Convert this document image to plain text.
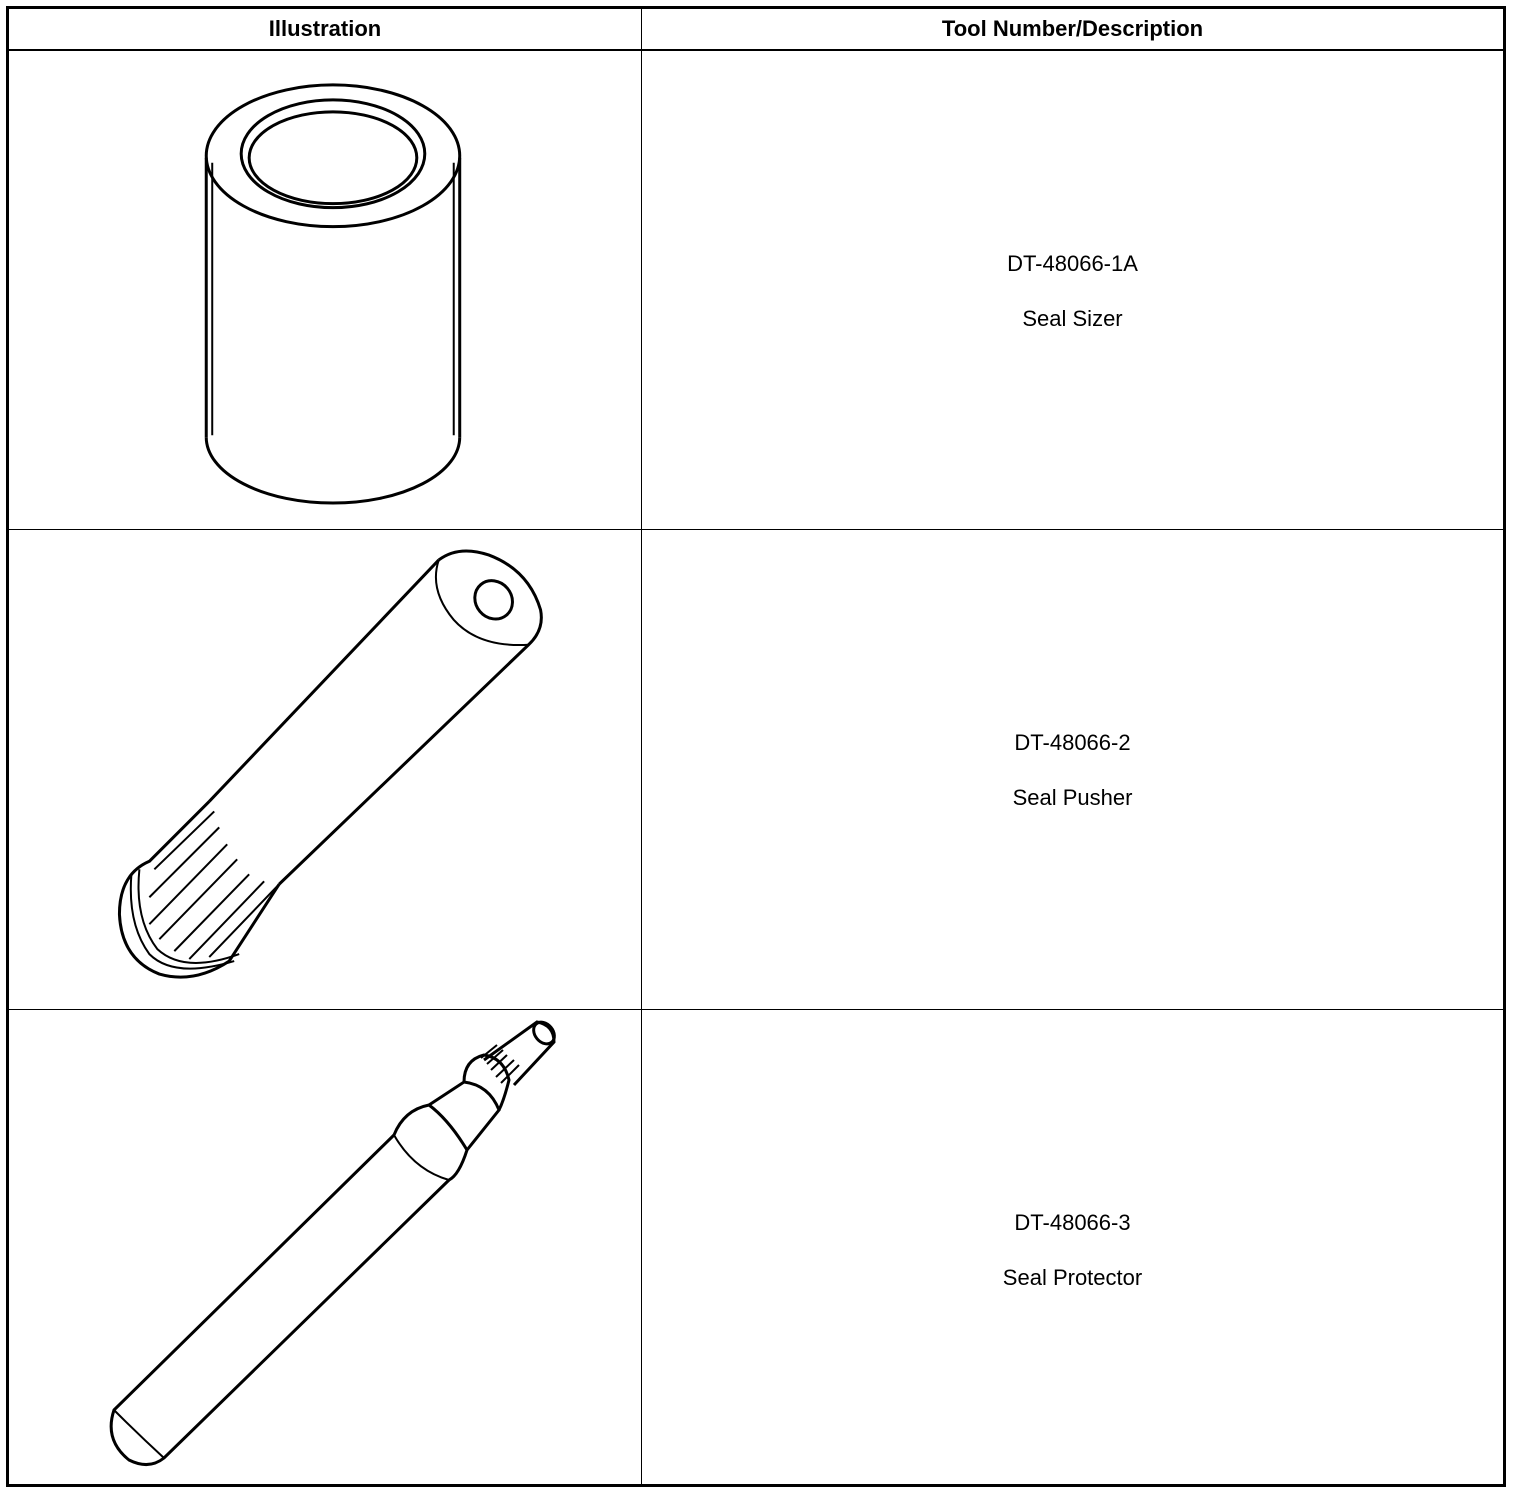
Illustration	Tool Number/Description
DT-48066-1A
Seal Sizer
DT-48066-2
Seal Pusher
DT-48066-3
Seal Protector
